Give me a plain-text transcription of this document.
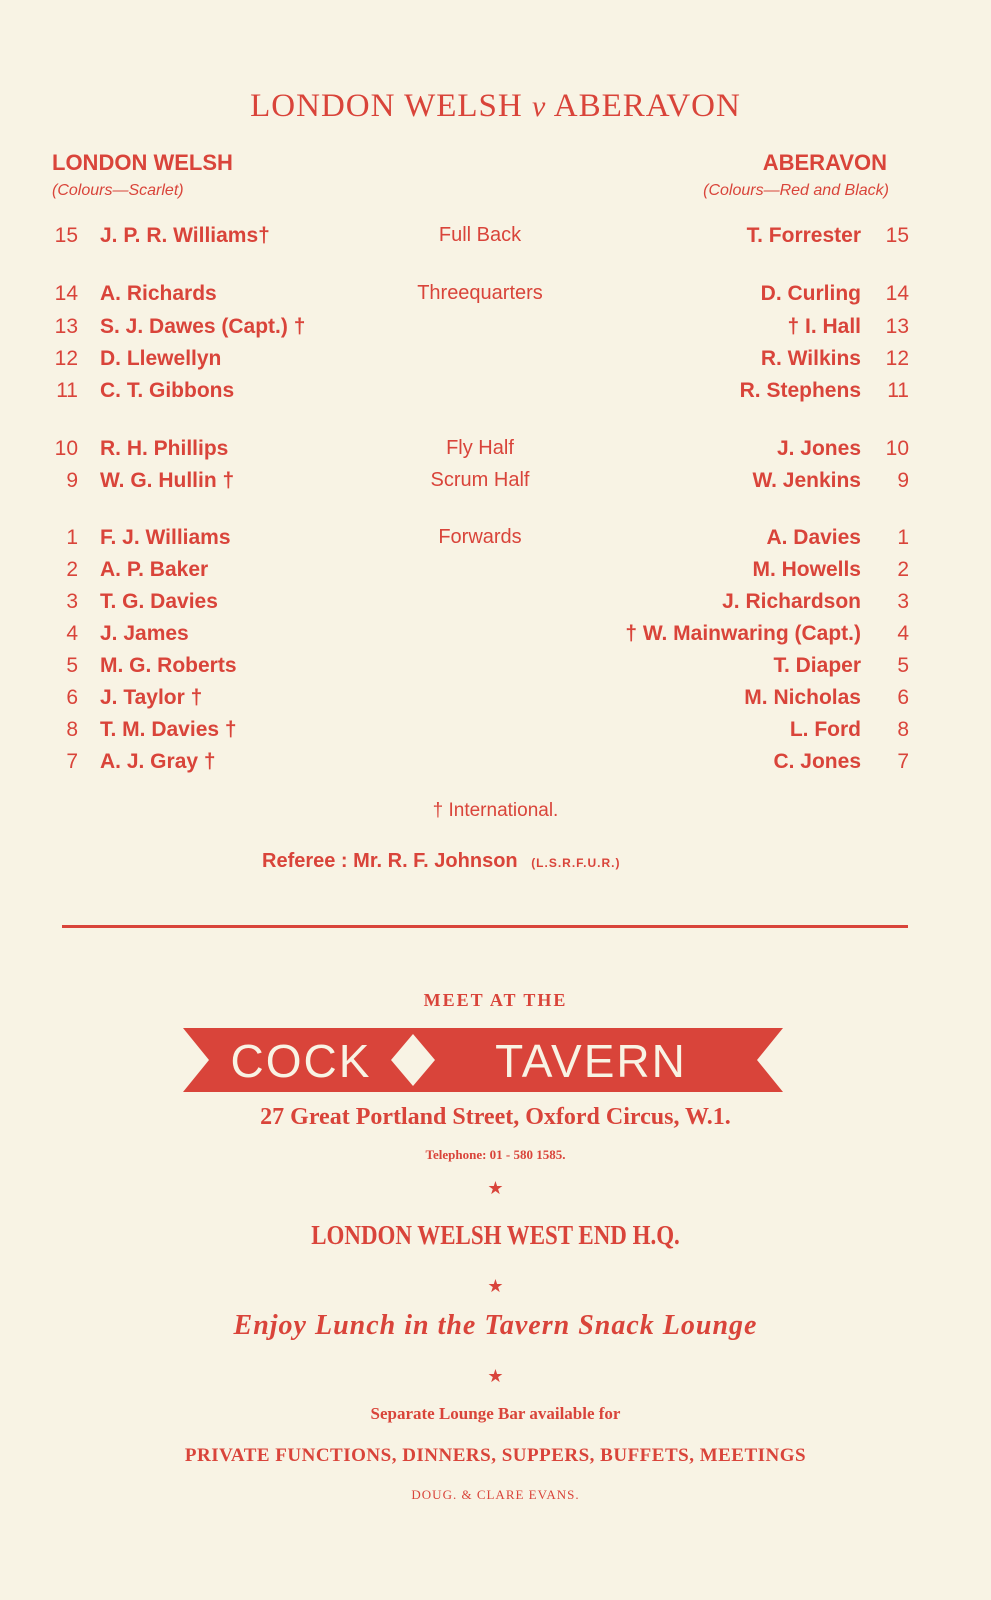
LONDON WELSH v ABERAVON
LONDON WELSH	ABERAVON
(Colours—Scarlet)	(Colours—Red and Black)
15 J. P. R. Williams†	Full Back	T. Forrester	15
14 A. Richards	Threequarters	D. Curling	14
13 S. J. Dawes (Capt.) †	† I. Hall	13
12 D. Llewellyn	R. Wilkins	12
11 C. T. Gibbons	R. Stephens	11
10 R. H. Phillips	Fly Half	J. Jones	10
9 W. G. Hullin †	Scrum Half	W. Jenkins	9
1 F. J. Williams	Forwards	A. Davies	1
2 A. P. Baker	M. Howells	2
3 T. G. Davies	J. Richardson	3
4 J. James	† W. Mainwaring (Capt.)	4
5 M. G. Roberts	T. Diaper	5
6 J. Taylor †	M. Nicholas	6
8 T. M. Davies †	L. Ford	8
7 A. J. Gray †	C. Jones	7
† International.
Referee : Mr. R. F. Johnson (L.S.R.F.U.R.)
MEET AT THE
COCK	TAVERN
27 Great Portland Street, Oxford Circus, W.1.
Telephone: 01 - 580 1585.
★
LONDON WELSH WEST END H.Q.
★
Enjoy Lunch in the Tavern Snack Lounge
★
Separate Lounge Bar available for
PRIVATE FUNCTIONS, DINNERS, SUPPERS, BUFFETS, MEETINGS
DOUG. & CLARE EVANS.
